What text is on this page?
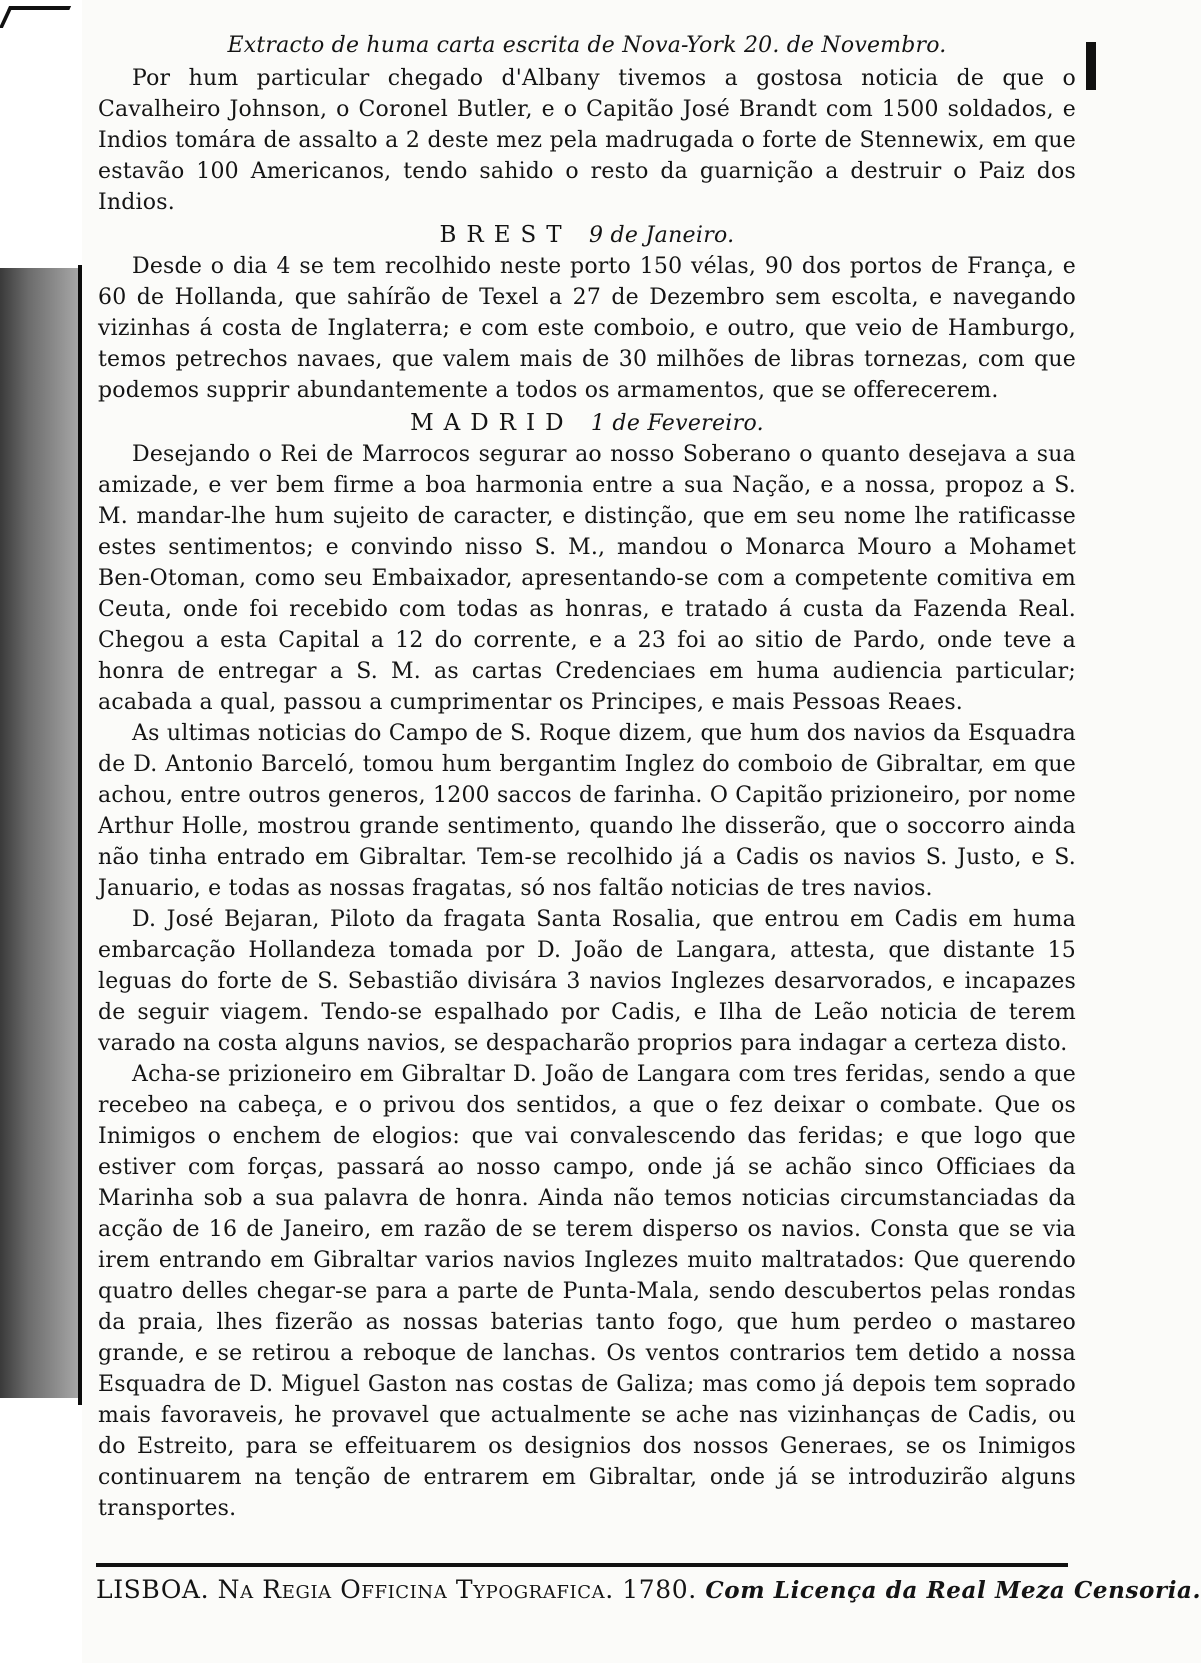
Extracto de huma carta escrita de Nova-York 20. de Novembro.

Por hum particular chegado d'Albany tivemos a gostosa noticia de que o Cavalheiro Johnson, o Coronel Butler, e o Capitão José Brandt com 1500 soldados, e Indios tomára de assalto a 2 deste mez pela madrugada o forte de Stennewix, em que estavão 100 Americanos, tendo sahido o resto da guarnição a destruir o Paiz dos Indios.

BREST 9 de Janeiro.

Desde o dia 4 se tem recolhido neste porto 150 vélas, 90 dos portos de França, e 60 de Hollanda, que sahírão de Texel a 27 de Dezembro sem escolta, e navegando vizinhas á costa de Inglaterra; e com este comboio, e outro, que veio de Hamburgo, temos petrechos navaes, que valem mais de 30 milhões de libras tornezas, com que podemos supprir abundantemente a todos os armamentos, que se offerecerem.

MADRID 1 de Fevereiro.

Desejando o Rei de Marrocos segurar ao nosso Soberano o quanto desejava a sua amizade, e ver bem firme a boa harmonia entre a sua Nação, e a nossa, propoz a S. M. mandar-lhe hum sujeito de caracter, e distinção, que em seu nome lhe ratificasse estes sentimentos; e convindo nisso S. M., mandou o Monarca Mouro a Mohamet Ben-Otoman, como seu Embaixador, apresentando-se com a competente comitiva em Ceuta, onde foi recebido com todas as honras, e tratado á custa da Fazenda Real. Chegou a esta Capital a 12 do corrente, e a 23 foi ao sitio de Pardo, onde teve a honra de entregar a S. M. as cartas Credenciaes em huma audiencia particular; acabada a qual, passou a cumprimentar os Principes, e mais Pessoas Reaes.

As ultimas noticias do Campo de S. Roque dizem, que hum dos navios da Esquadra de D. Antonio Barceló, tomou hum bergantim Inglez do comboio de Gibraltar, em que achou, entre outros generos, 1200 saccos de farinha. O Capitão prizioneiro, por nome Arthur Holle, mostrou grande sentimento, quando lhe disserão, que o soccorro ainda não tinha entrado em Gibraltar. Tem-se recolhido já a Cadis os navios S. Justo, e S. Januario, e todas as nossas fragatas, só nos faltão noticias de tres navios.

D. José Bejaran, Piloto da fragata Santa Rosalia, que entrou em Cadis em huma embarcação Hollandeza tomada por D. João de Langara, attesta, que distante 15 leguas do forte de S. Sebastião divisára 3 navios Inglezes desarvorados, e incapazes de seguir viagem. Tendo-se espalhado por Cadis, e Ilha de Leão noticia de terem varado na costa alguns navios, se despacharão proprios para indagar a certeza disto.

Acha-se prizioneiro em Gibraltar D. João de Langara com tres feridas, sendo a que recebeo na cabeça, e o privou dos sentidos, a que o fez deixar o combate. Que os Inimigos o enchem de elogios: que vai convalescendo das feridas; e que logo que estiver com forças, passará ao nosso campo, onde já se achão sinco Officiaes da Marinha sob a sua palavra de honra. Ainda não temos noticias circumstanciadas da acção de 16 de Janeiro, em razão de se terem disperso os navios. Consta que se via irem entrando em Gibraltar varios navios Inglezes muito maltratados: Que querendo quatro delles chegar-se para a parte de Punta-Mala, sendo descubertos pelas rondas da praia, lhes fizerão as nossas baterias tanto fogo, que hum perdeo o mastareo grande, e se retirou a reboque de lanchas. Os ventos contrarios tem detido a nossa Esquadra de D. Miguel Gaston nas costas de Galiza; mas como já depois tem soprado mais favoraveis, he provavel que actualmente se ache nas vizinhanças de Cadis, ou do Estreito, para se effeituarem os designios dos nossos Generaes, se os Inimigos continuarem na tenção de entrarem em Gibraltar, onde já se introduzirão alguns transportes.

LISBOA. Na Regia Officina Typografica. 1780. Com Licença da Real Meza Censoria.
